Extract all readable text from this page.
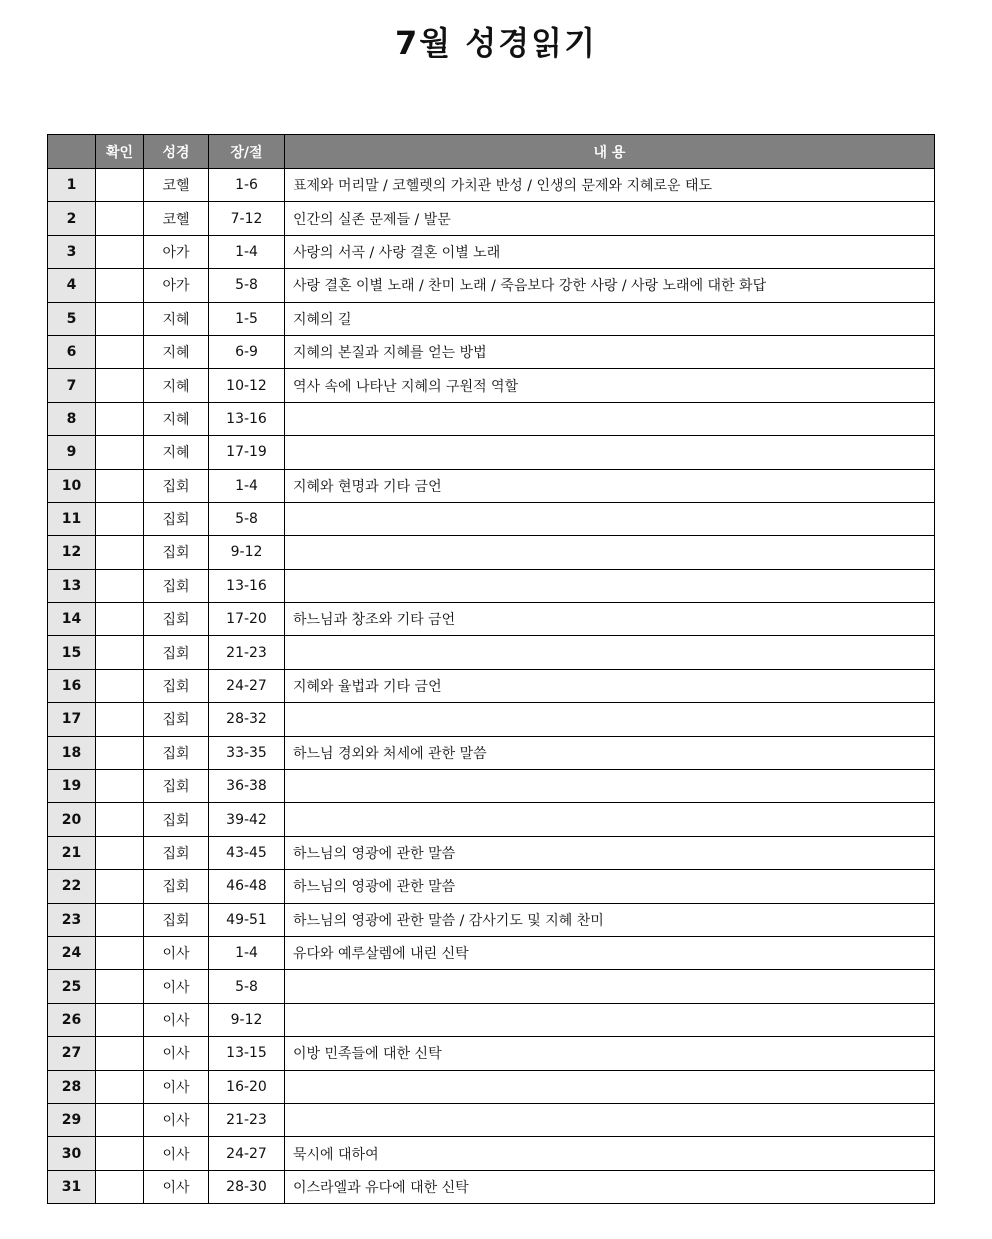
7월 성경읽기
	확인	성경	장/절	내 용
1		코헬	1-6	표제와 머리말 / 코헬렛의 가치관 반성 / 인생의 문제와 지혜로운 태도
2		코헬	7-12	인간의 실존 문제들 / 발문
3		아가	1-4	사랑의 서곡 / 사랑 결혼 이별 노래
4		아가	5-8	사랑 결혼 이별 노래 / 찬미 노래 / 죽음보다 강한 사랑 / 사랑 노래에 대한 화답
5		지혜	1-5	지혜의 길
6		지혜	6-9	지혜의 본질과 지혜를 얻는 방법
7		지혜	10-12	역사 속에 나타난 지혜의 구원적 역할
8		지혜	13-16	
9		지혜	17-19	
10		집회	1-4	지혜와 현명과 기타 금언
11		집회	5-8	
12		집회	9-12	
13		집회	13-16	
14		집회	17-20	하느님과 창조와 기타 금언
15		집회	21-23	
16		집회	24-27	지혜와 율법과 기타 금언
17		집회	28-32	
18		집회	33-35	하느님 경외와 처세에 관한 말씀
19		집회	36-38	
20		집회	39-42	
21		집회	43-45	하느님의 영광에 관한 말씀
22		집회	46-48	하느님의 영광에 관한 말씀
23		집회	49-51	하느님의 영광에 관한 말씀 / 감사기도 및 지혜 찬미
24		이사	1-4	유다와 예루살렘에 내린 신탁
25		이사	5-8	
26		이사	9-12	
27		이사	13-15	이방 민족들에 대한 신탁
28		이사	16-20	
29		이사	21-23	
30		이사	24-27	묵시에 대하여
31		이사	28-30	이스라엘과 유다에 대한 신탁
